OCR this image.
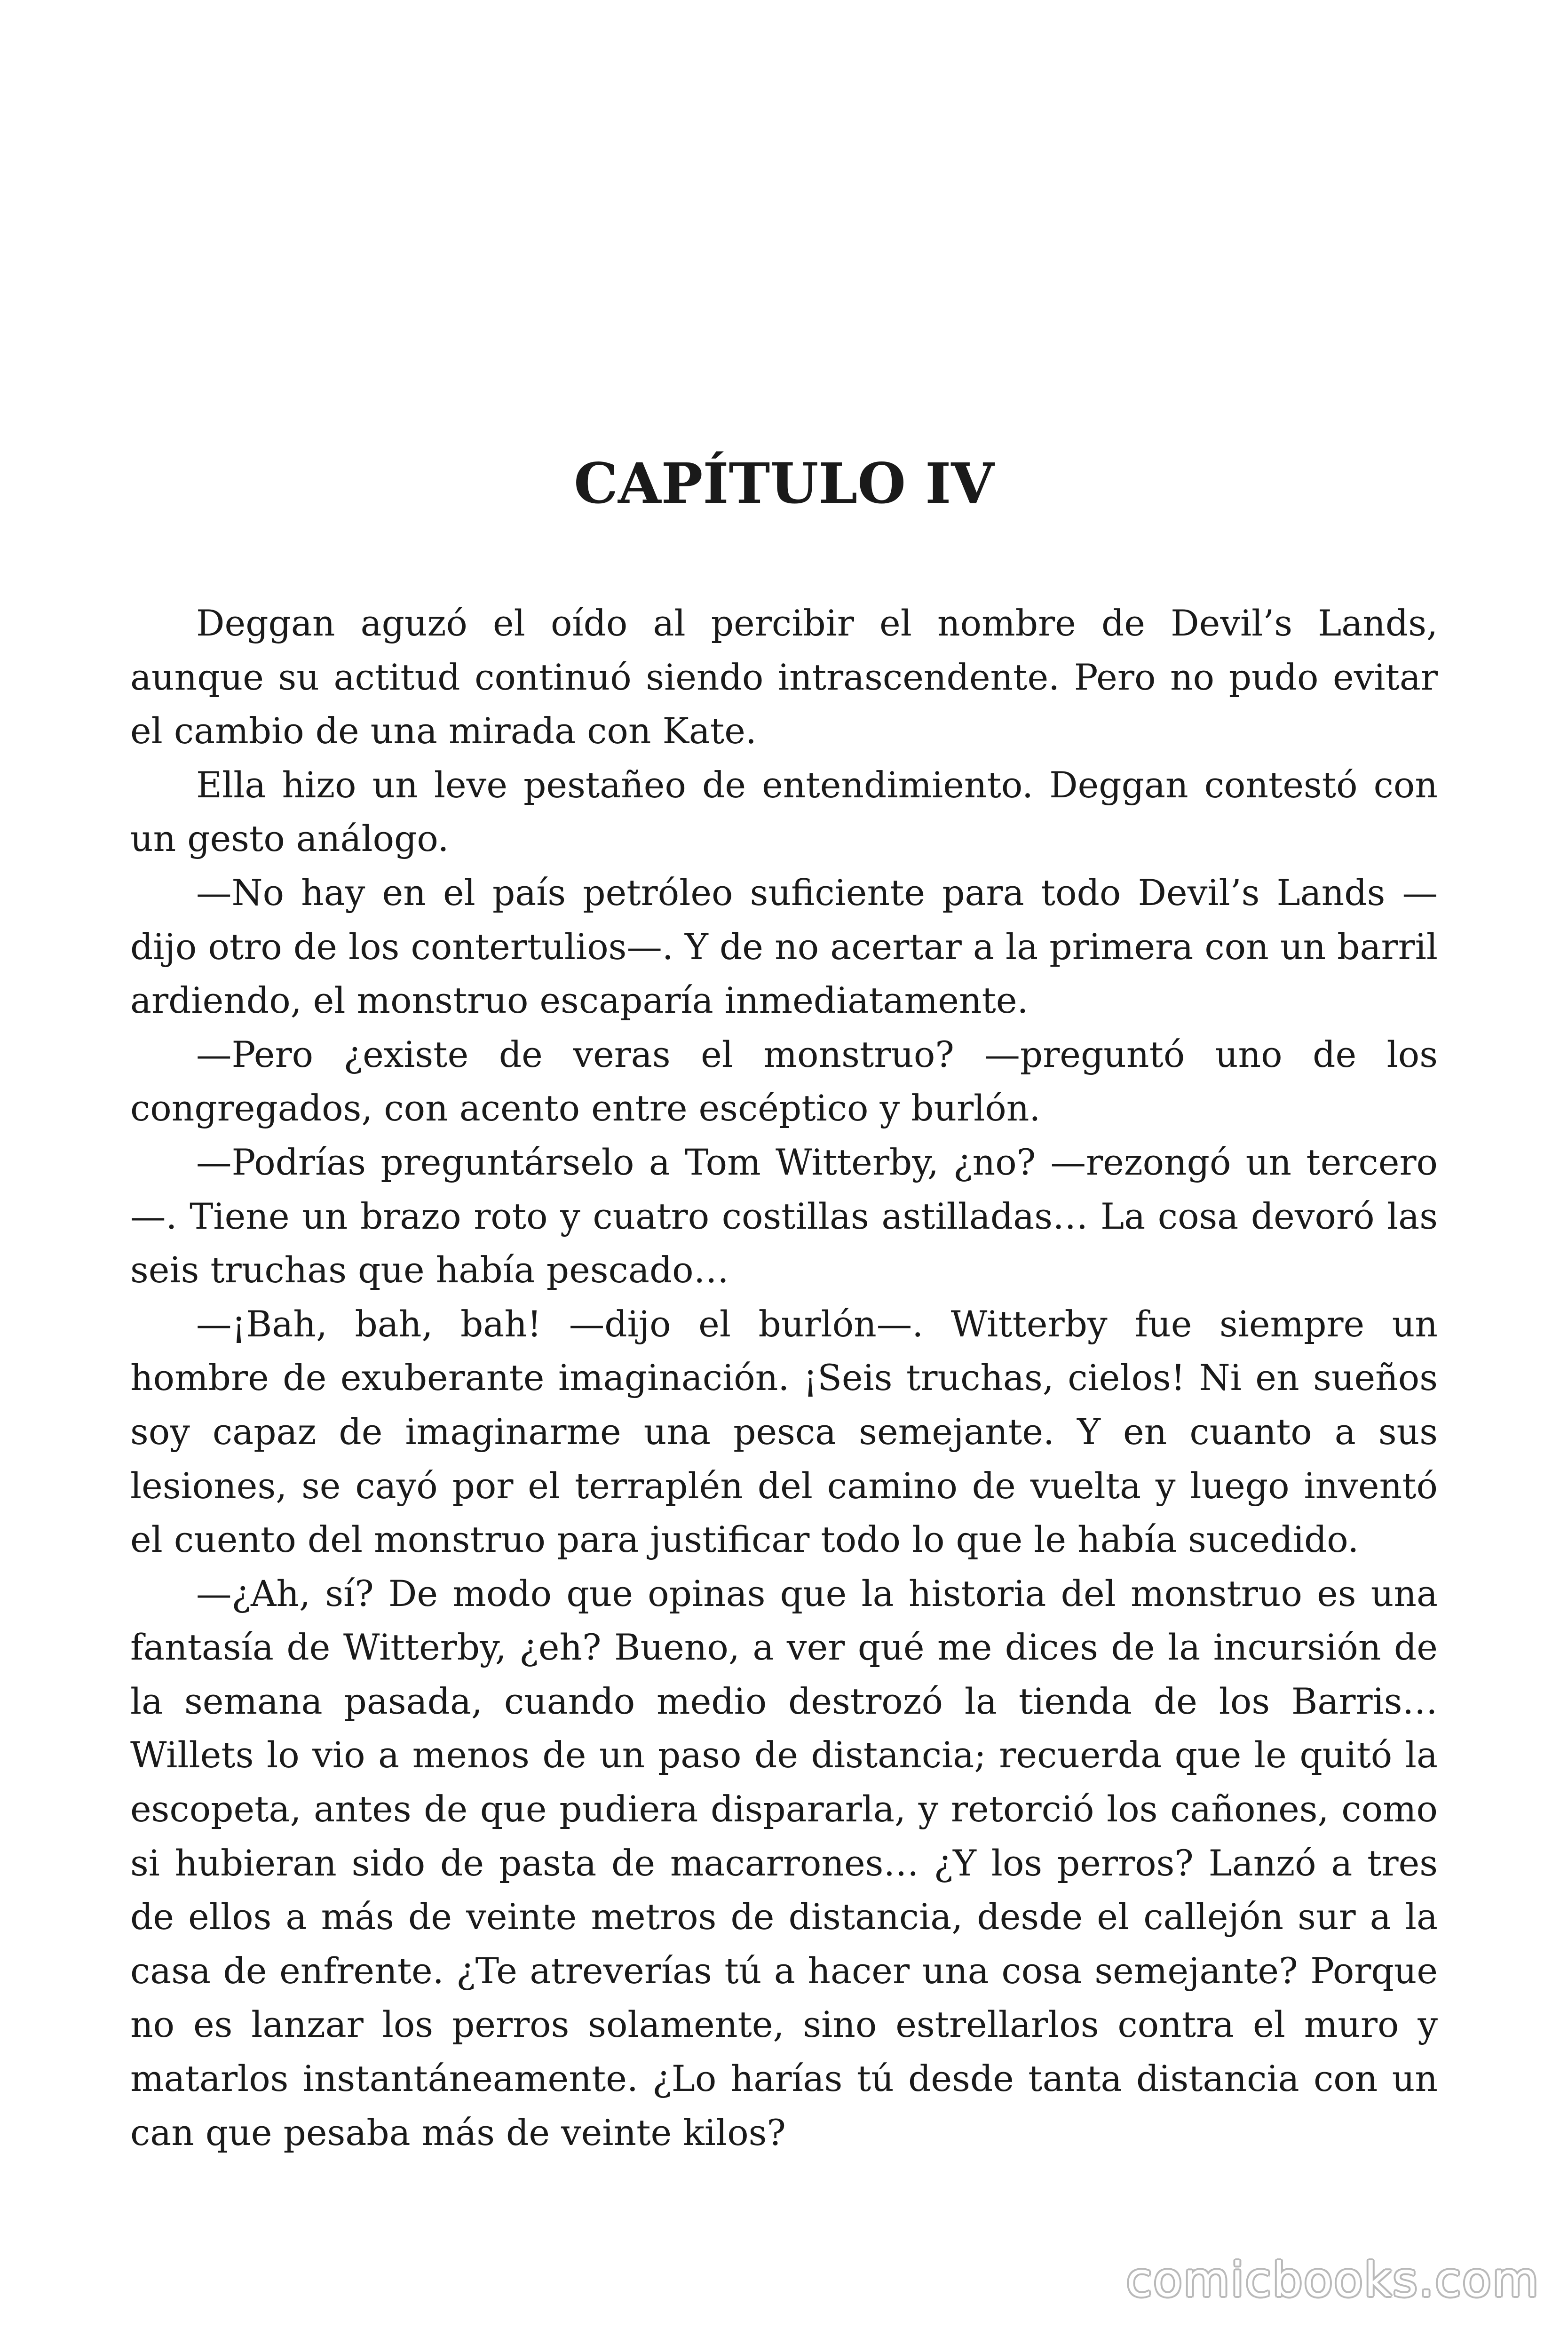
CAPÍTULO IV

Deggan aguzó el oído al percibir el nombre de Devil’s Lands, aunque su actitud continuó siendo intrascendente. Pero no pudo evitar el cambio de una mirada con Kate.

Ella hizo un leve pestañeo de entendimiento. Deggan contestó con un gesto análogo.

—No hay en el país petróleo suficiente para todo Devil’s Lands —dijo otro de los contertulios—. Y de no acertar a la primera con un barril ardiendo, el monstruo escaparía inmediatamente.

—Pero ¿existe de veras el monstruo? —preguntó uno de los congregados, con acento entre escéptico y burlón.

—Podrías preguntárselo a Tom Witterby, ¿no? —rezongó un tercero—. Tiene un brazo roto y cuatro costillas astilladas… La cosa devoró las seis truchas que había pescado…

—¡Bah, bah, bah! —dijo el burlón—. Witterby fue siempre un hombre de exuberante imaginación. ¡Seis truchas, cielos! Ni en sueños soy capaz de imaginarme una pesca semejante. Y en cuanto a sus lesiones, se cayó por el terraplén del camino de vuelta y luego inventó el cuento del monstruo para justificar todo lo que le había sucedido.

—¿Ah, sí? De modo que opinas que la historia del monstruo es una fantasía de Witterby, ¿eh? Bueno, a ver qué me dices de la incursión de la semana pasada, cuando medio destrozó la tienda de los Barris… Willets lo vio a menos de un paso de distancia; recuerda que le quitó la escopeta, antes de que pudiera dispararla, y retorció los cañones, como si hubieran sido de pasta de macarrones… ¿Y los perros? Lanzó a tres de ellos a más de veinte metros de distancia, desde el callejón sur a la casa de enfrente. ¿Te atreverías tú a hacer una cosa semejante? Porque no es lanzar los perros solamente, sino estrellarlos contra el muro y matarlos instantáneamente. ¿Lo harías tú desde tanta distancia con un can que pesaba más de veinte kilos?

comicbooks.com
